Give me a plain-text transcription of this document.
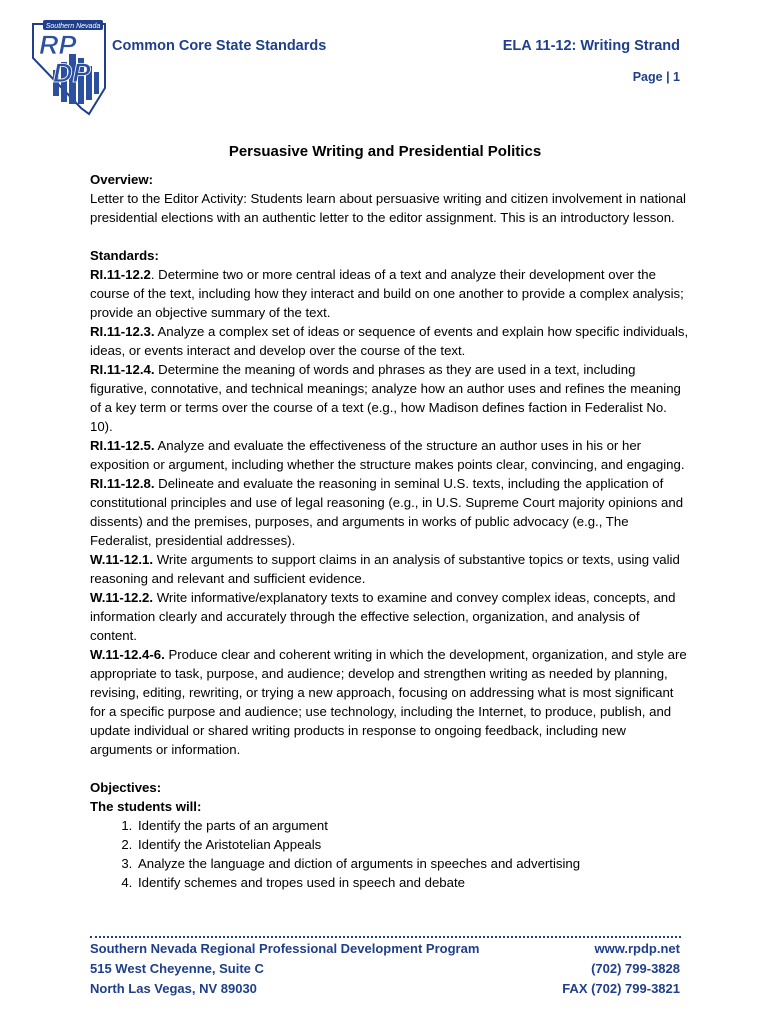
Southern Nevada
RP
DP
Common Core State Standards	ELA 11-12: Writing Strand
Page | 1
Persuasive Writing and Presidential Politics

Overview:

Letter to the Editor Activity: Students learn about persuasive writing and citizen involvement in national presidential elections with an authentic letter to the editor assignment. This is an introductory lesson.

Standards:

RI.11-12.2. Determine two or more central ideas of a text and analyze their development over the course of the text, including how they interact and build on one another to provide a complex analysis; provide an objective summary of the text.

RI.11-12.3. Analyze a complex set of ideas or sequence of events and explain how specific individuals, ideas, or events interact and develop over the course of the text.

RI.11-12.4. Determine the meaning of words and phrases as they are used in a text, including figurative, connotative, and technical meanings; analyze how an author uses and refines the meaning of a key term or terms over the course of a text (e.g., how Madison defines faction in Federalist No. 10).

RI.11-12.5. Analyze and evaluate the effectiveness of the structure an author uses in his or her exposition or argument, including whether the structure makes points clear, convincing, and engaging.

RI.11-12.8. Delineate and evaluate the reasoning in seminal U.S. texts, including the application of constitutional principles and use of legal reasoning (e.g., in U.S. Supreme Court majority opinions and dissents) and the premises, purposes, and arguments in works of public advocacy (e.g., The Federalist, presidential addresses).

W.11-12.1. Write arguments to support claims in an analysis of substantive topics or texts, using valid reasoning and relevant and sufficient evidence.

W.11-12.2. Write informative/explanatory texts to examine and convey complex ideas, concepts, and information clearly and accurately through the effective selection, organization, and analysis of content.

W.11-12.4-6. Produce clear and coherent writing in which the development, organization, and style are appropriate to task, purpose, and audience; develop and strengthen writing as needed by planning, revising, editing, rewriting, or trying a new approach, focusing on addressing what is most significant for a specific purpose and audience; use technology, including the Internet, to produce, publish, and update individual or shared writing products in response to ongoing feedback, including new arguments or information.

Objectives:

The students will:

1. Identify the parts of an argument
2. Identify the Aristotelian Appeals
3. Analyze the language and diction of arguments in speeches and advertising
4. Identify schemes and tropes used in speech and debate
Southern Nevada Regional Professional Development Program
515 West Cheyenne, Suite C
North Las Vegas, NV 89030
www.rpdp.net
(702) 799-3828
FAX (702) 799-3821
